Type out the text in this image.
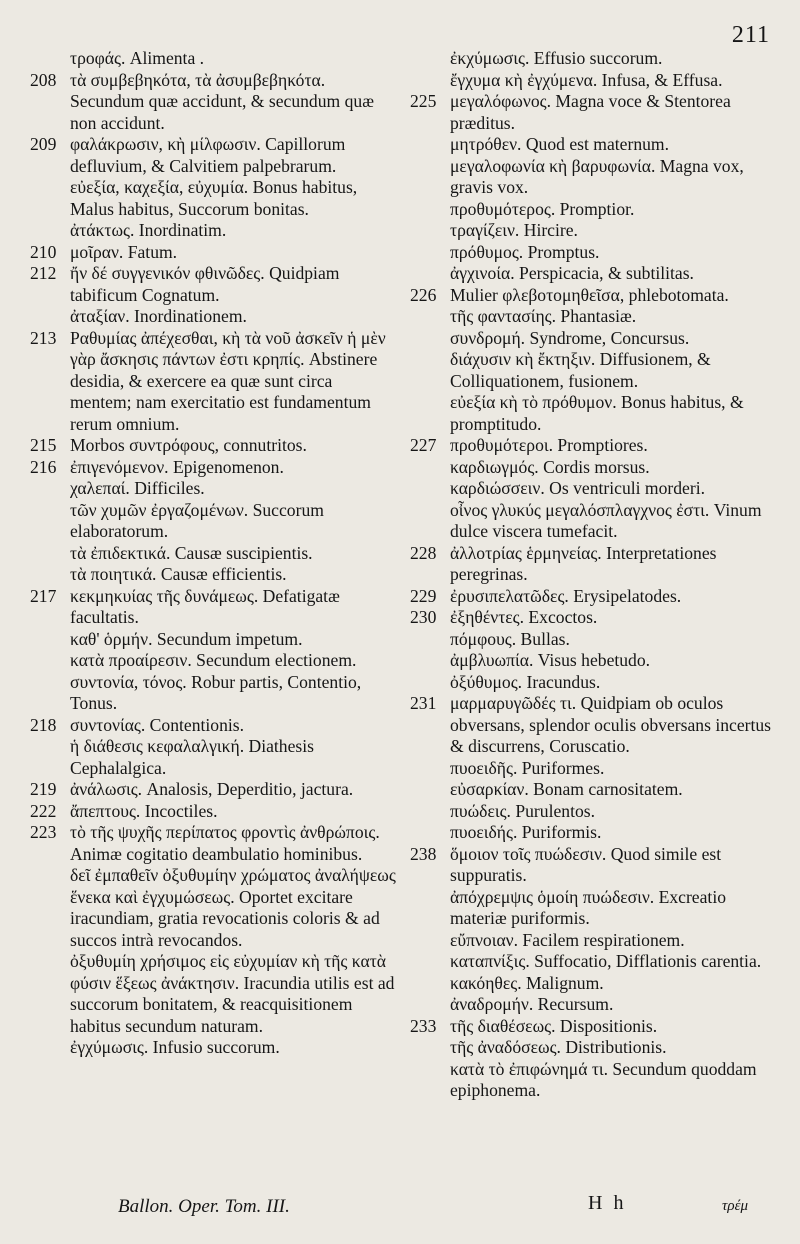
211
τροφάς. Alimenta .
208 τὰ συμβεβηκότα, τὰ ἀσυμβεβηκότα. Secundum quæ accidunt, & secundum quæ non accidunt.
209 φαλάκρωσιν, κὴ μίλφωσιν. Capillorum defluvium, & Calvitiem palpebrarum.
εὐεξία, καχεξία, εὐχυμία. Bonus habitus, Malus habitus, Succorum bonitas.
ἀτάκτως. Inordinatim.
210 μοῖραν. Fatum.
212 ἤν δέ συγγενικόν φθινῶδες. Quidpiam tabificum Cognatum.
ἀταξίαν. Inordinationem.
213 Ραθυμίας ἀπέχεσθαι, κὴ τὰ νοῦ ἀσκεῖν ἡ μὲν γὰρ ἄσκησις πάντων ἐστι κρηπίς. Abstinere desidia, & exercere ea quæ sunt circa mentem; nam exercitatio est fundamentum rerum omnium.
215 Morbos συντρόφους, connutritos.
216 ἐπιγενόμενον. Epigenomenon.
χαλεπαί. Difficiles.
τῶν χυμῶν ἐργαζομένων. Succorum elaboratorum.
τὰ ἐπιδεκτικά. Causæ suscipientis.
τὰ ποιητικά. Causæ efficientis.
217 κεκμηκυίας τῆς δυνάμεως. Defatigatæ facultatis.
καθ' ὁρμήν. Secundum impetum.
κατὰ προαίρεσιν. Secundum electionem.
συντονία, τόνος. Robur partis, Contentio, Tonus.
218 συντονίας. Contentionis.
ἡ διάθεσις κεφαλαλγική. Diathesis Cephalalgica.
219 ἀνάλωσις. Analosis, Deperditio, jactura.
222 ἄπεπτους. Incoctiles.
223 τὸ τῆς ψυχῆς περίπατος φροντὶς ἀνθρώποις. Animæ cogitatio deambulatio hominibus.
δεῖ ἐμπαθεῖν ὀξυθυμίην χρώματος ἀναλήψεως ἕνεκα καὶ ἐγχυμώσεως. Oportet excitare iracundiam, gratia revocationis coloris & ad succos intrà revocandos.
ὀξυθυμίη χρήσιμος εἰς εὐχυμίαν κὴ τῆς κατὰ φύσιν ἕξεως ἀνάκτησιν. Iracundia utilis est ad succorum bonitatem, & reacquisitionem habitus secundum naturam.
ἐγχύμωσις. Infusio succorum.
ἐκχύμωσις. Effusio succorum.
ἔγχυμα κὴ ἐγχύμενα. Infusa, & Effusa.
225 μεγαλόφωνος. Magna voce & Stentorea præditus.
μητρόθεν. Quod est maternum.
μεγαλοφωνία κὴ βαρυφωνία. Magna vox, gravis vox.
προθυμότερος. Promptior.
τραγίζειν. Hircire.
πρόθυμος. Promptus.
ἀγχινοία. Perspicacia, & subtilitas.
226 Mulier φλεβοτομηθεῖσα, phlebotomata.
τῆς φαντασίης. Phantasiæ.
συνδρομή. Syndrome, Concursus.
διάχυσιν κὴ ἔκτηξιν. Diffusionem, & Colliquationem, fusionem.
εὐεξία κὴ τὸ πρόθυμον. Bonus habitus, & promptitudo.
227 προθυμότεροι. Promptiores.
καρδιωγμός. Cordis morsus.
καρδιώσσειν. Os ventriculi morderi.
οἶνος γλυκύς μεγαλόσπλαγχνος ἐστι. Vinum dulce viscera tumefacit.
228 ἀλλοτρίας ἑρμηνείας. Interpretationes peregrinas.
229 ἐρυσιπελατῶδες. Erysipelatodes.
230 ἐξηθέντες. Excoctos.
πόμφους. Bullas.
ἀμβλυωπία. Visus hebetudo.
ὀξύθυμος. Iracundus.
231 μαρμαρυγῶδές τι. Quidpiam ob oculos obversans, splendor oculis obversans incertus & discurrens, Coruscatio.
πυοειδῆς. Puriformes.
εὐσαρκίαν. Bonam carnositatem.
πυώδεις. Purulentos.
πυοειδής. Puriformis.
238 ὅμοιον τοῖς πυώδεσιν. Quod simile est suppuratis.
ἀπόχρεμψις ὁμοίη πυώδεσιν. Excreatio materiæ puriformis.
εὔπνοιαν. Facilem respirationem.
καταπνίξις. Suffocatio, Difflationis carentia.
κακόηθες. Malignum.
ἀναδρομήν. Recursum.
233 τῆς διαθέσεως. Dispositionis.
τῆς ἀναδόσεως. Distributionis.
κατὰ τὸ ἐπιφώνημά τι. Secundum quoddam epiphonema.
Ballon. Oper. Tom. III.	H h	τρέμ
